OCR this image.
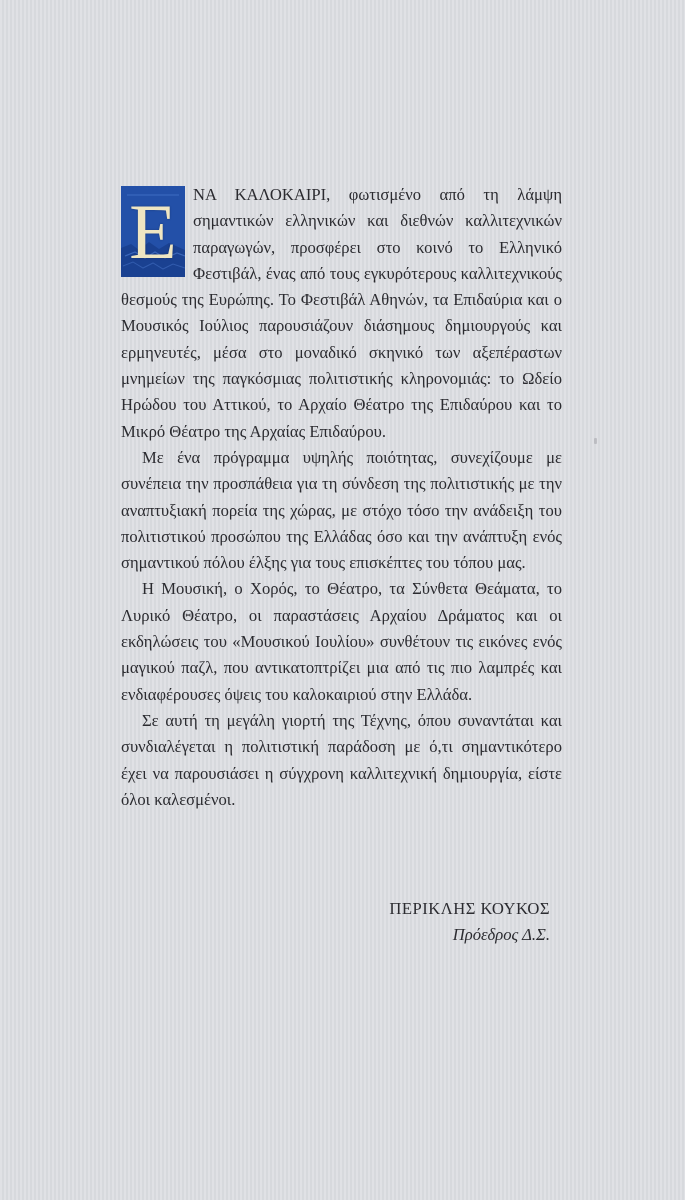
Ε ΝΑ ΚΑΛΟΚΑΙΡΙ, φωτισμένο από τη λάμψη σημαντικών ελληνικών και διεθνών καλλιτεχνικών παραγωγών, προσφέρει στο κοινό το Ελληνικό Φεστιβάλ, ένας από τους εγκυρότερους καλλιτεχνικούς θεσμούς της Ευρώπης. Το Φεστιβάλ Αθηνών, τα Επιδαύρια και ο Μουσικός Ιούλιος παρουσιάζουν διάσημους δημιουργούς και ερμηνευτές, μέσα στο μοναδικό σκηνικό των αξεπέραστων μνημείων της παγκόσμιας πολιτιστικής κληρονομιάς: το Ωδείο Ηρώδου του Αττικού, το Αρχαίο Θέατρο της Επιδαύρου και το Μικρό Θέατρο της Αρχαίας Επιδαύρου.

Με ένα πρόγραμμα υψηλής ποιότητας, συνεχίζουμε με συνέπεια την προσπάθεια για τη σύνδεση της πολιτιστικής με την αναπτυξιακή πορεία της χώρας, με στόχο τόσο την ανάδειξη του πολιτιστικού προσώπου της Ελλάδας όσο και την ανάπτυξη ενός σημαντικού πόλου έλξης για τους επισκέπτες του τόπου μας.

Η Μουσική, ο Χορός, το Θέατρο, τα Σύνθετα Θεάματα, το Λυρικό Θέατρο, οι παραστάσεις Αρχαίου Δράματος και οι εκδηλώσεις του «Μουσικού Ιουλίου» συνθέτουν τις εικόνες ενός μαγικού παζλ, που αντικατοπτρίζει μια από τις πιο λαμπρές και ενδιαφέρουσες όψεις του καλοκαιριού στην Ελλάδα.

Σε αυτή τη μεγάλη γιορτή της Τέχνης, όπου συναντάται και συνδιαλέγεται η πολιτιστική παράδοση με ό,τι σημαντικότερο έχει να παρουσιάσει η σύγχρονη καλλιτεχνική δημιουργία, είστε όλοι καλεσμένοι.

ΠΕΡΙΚΛΗΣ ΚΟΥΚΟΣ
Πρόεδρος Δ.Σ.
